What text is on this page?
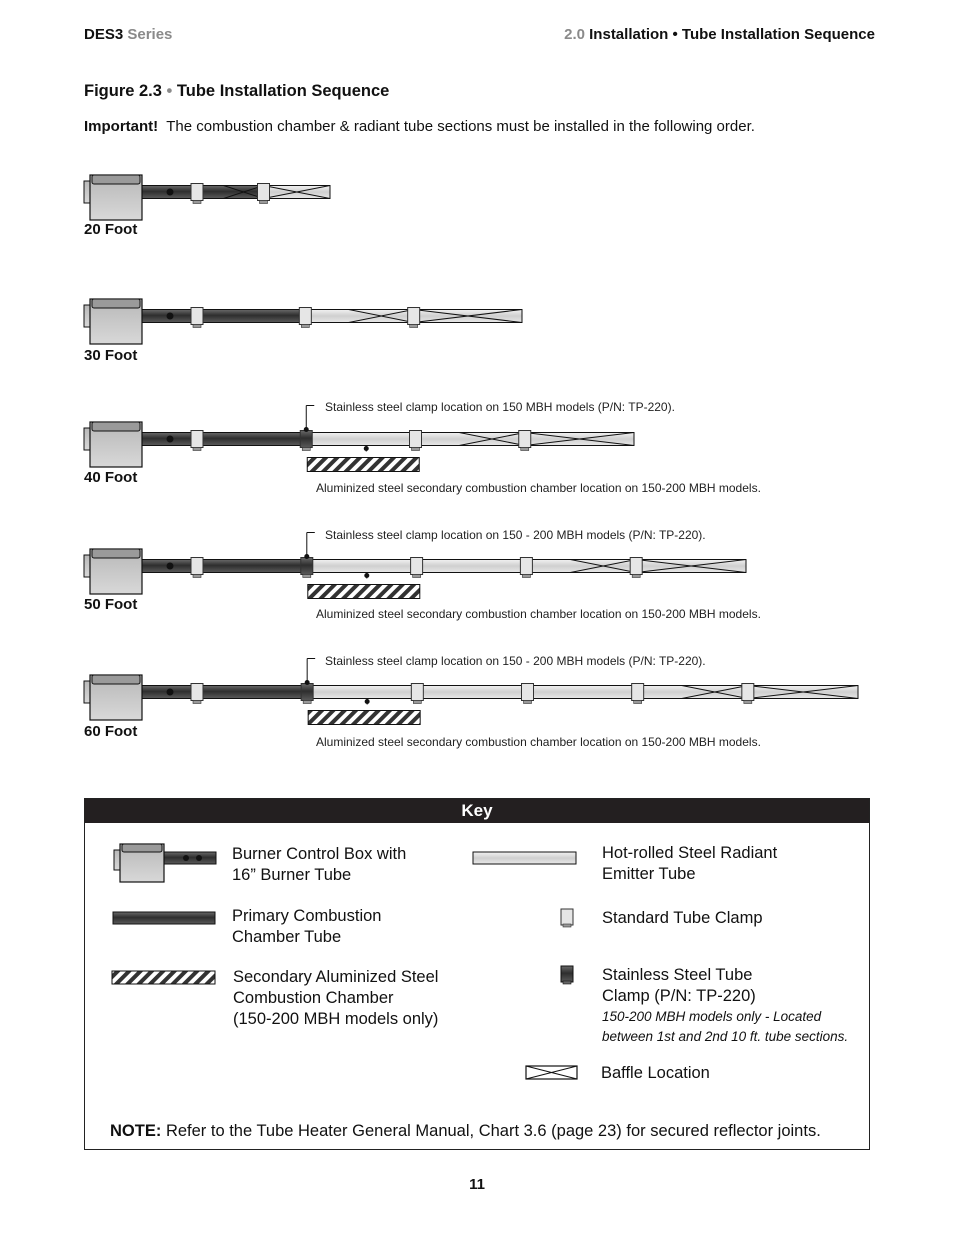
DES3 Series	2.0 Installation • Tube Installation Sequence
Figure 2.3 • Tube Installation Sequence
Important! The combustion chamber & radiant tube sections must be installed in the following order.
20 Foot
30 Foot
40 Foot
50 Foot
60 Foot
Stainless steel clamp location on 150 MBH models (P/N: TP-220).
Aluminized steel secondary combustion chamber location on 150-200 MBH models.
Stainless steel clamp location on 150 - 200 MBH models (P/N: TP-220).
Aluminized steel secondary combustion chamber location on 150-200 MBH models.
Stainless steel clamp location on 150 - 200 MBH models (P/N: TP-220).
Aluminized steel secondary combustion chamber location on 150-200 MBH models.
Key
Burner Control Box with
16” Burner Tube
Primary Combustion
Chamber Tube
Secondary Aluminized Steel
Combustion Chamber
(150-200 MBH models only)
Hot-rolled Steel Radiant
Emitter Tube
Standard Tube Clamp
Stainless Steel Tube
Clamp (P/N: TP-220)
150-200 MBH models only - Located
between 1st and 2nd 10 ft. tube sections.
Baffle Location
NOTE: Refer to the Tube Heater General Manual, Chart 3.6 (page 23) for secured reflector joints.
11
